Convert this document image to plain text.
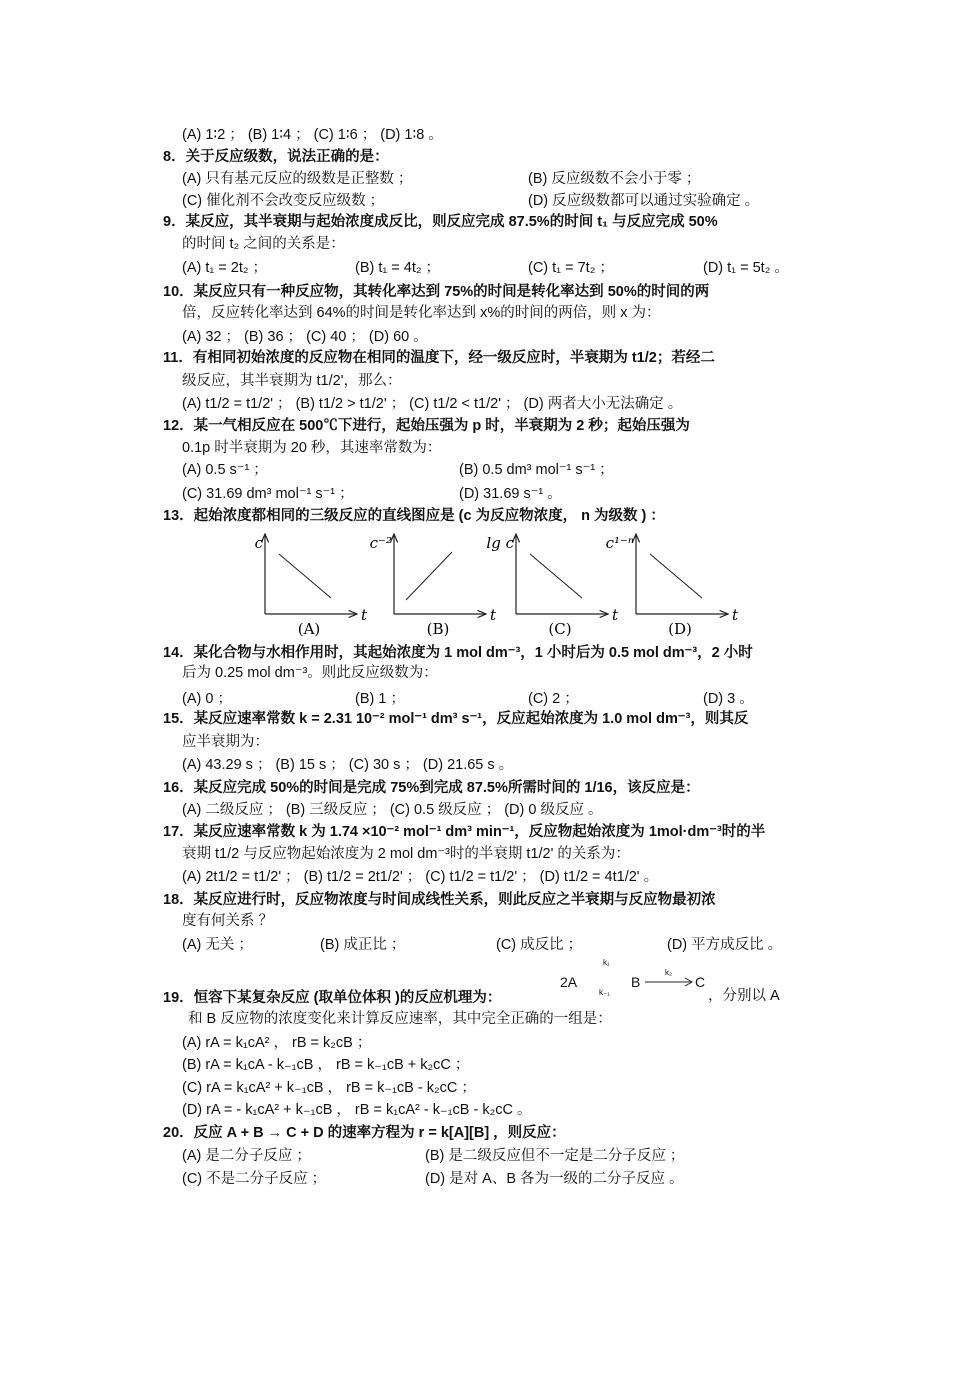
(A) 1∶2 ； (B) 1∶4 ； (C) 1∶6 ； (D) 1∶8 。
8．关于反应级数，说法正确的是：
(A) 只有基元反应的级数是正整数 ；	(B) 反应级数不会小于零 ；
(C) 催化剂不会改变反应级数 ；	(D) 反应级数都可以通过实验确定 。
9．某反应，其半衰期与起始浓度成反比，则反应完成 87.5%的时间 t₁ 与反应完成 50%
的时间 t₂ 之间的关系是：
(A) t₁ = 2t₂ ；	(B) t₁ = 4t₂ ；	(C) t₁ = 7t₂ ；	(D) t₁ = 5t₂ 。
10．某反应只有一种反应物，其转化率达到 75%的时间是转化率达到 50%的时间的两
倍，反应转化率达到 64%的时间是转化率达到 x%的时间的两倍，则 x 为：
(A) 32 ； (B) 36 ； (C) 40 ； (D) 60 。
11．有相同初始浓度的反应物在相同的温度下，经一级反应时，半衰期为 t1/2；若经二
级反应，其半衰期为 t1/2'，那么：
(A) t1/2 = t1/2' ； (B) t1/2 > t1/2' ； (C) t1/2 < t1/2' ； (D) 两者大小无法确定 。
12．某一气相反应在 500℃下进行，起始压强为 p 时，半衰期为 2 秒；起始压强为
0.1p 时半衰期为 20 秒，其速率常数为：
(A) 0.5 s⁻¹ ；	(B) 0.5 dm³ mol⁻¹ s⁻¹ ；
(C) 31.69 dm³ mol⁻¹ s⁻¹ ；	(D) 31.69 s⁻¹ 。
13．起始浓度都相同的三级反应的直线图应是 (c 为反应物浓度， n 为级数 ) ：
14．某化合物与水相作用时，其起始浓度为 1 mol dm⁻³，1 小时后为 0.5 mol dm⁻³，2 小时
后为 0.25 mol dm⁻³。则此反应级数为：
(A) 0 ；	(B) 1 ；	(C) 2 ；	(D) 3 。
15．某反应速率常数 k = 2.31 10⁻² mol⁻¹ dm³ s⁻¹，反应起始浓度为 1.0 mol dm⁻³，则其反
应半衰期为：
(A) 43.29 s ； (B) 15 s ； (C) 30 s ； (D) 21.65 s 。
16．某反应完成 50%的时间是完成 75%到完成 87.5%所需时间的 1/16，该反应是：
(A) 二级反应 ； (B) 三级反应 ； (C) 0.5 级反应 ； (D) 0 级反应 。
17．某反应速率常数 k 为 1.74 ×10⁻² mol⁻¹ dm³ min⁻¹，反应物起始浓度为 1mol·dm⁻³时的半
衰期 t1/2 与反应物起始浓度为 2 mol dm⁻³时的半衰期 t1/2' 的关系为：
(A) 2t1/2 = t1/2' ； (B) t1/2 = 2t1/2' ； (C) t1/2 = t1/2' ； (D) t1/2 = 4t1/2' 。
18．某反应进行时，反应物浓度与时间成线性关系，则此反应之半衰期与反应物最初浓
度有何关系 ？
(A) 无关 ；	(B) 成正比 ；	(C) 成反比 ；	(D) 平方成反比 。
19．恒容下某复杂反应 (取单位体积 )的反应机理为：	，分别以 A
和 B 反应物的浓度变化来计算反应速率，其中完全正确的一组是：
(A) rA = k₁cA² ， rB = k₂cB ；
(B) rA = k₁cA - k₋₁cB ， rB = k₋₁cB + k₂cC ；
(C) rA = k₁cA² + k₋₁cB ， rB = k₋₁cB - k₂cC ；
(D) rA = - k₁cA² + k₋₁cB ， rB = k₁cA² - k₋₁cB - k₂cC 。
20．反应 A + B → C + D 的速率方程为 r = k[A][B] ，则反应：
(A) 是二分子反应 ；	(B) 是二级反应但不一定是二分子反应 ；
(C) 不是二分子反应 ；	(D) 是对 A、B 各为一级的二分子反应 。
c
t
(A)
c⁻²
t
(B)
lg c
t
(C)
c¹⁻ⁿ
t
(D)
2A
k₁
k₋₁
B
k₂
→ C
